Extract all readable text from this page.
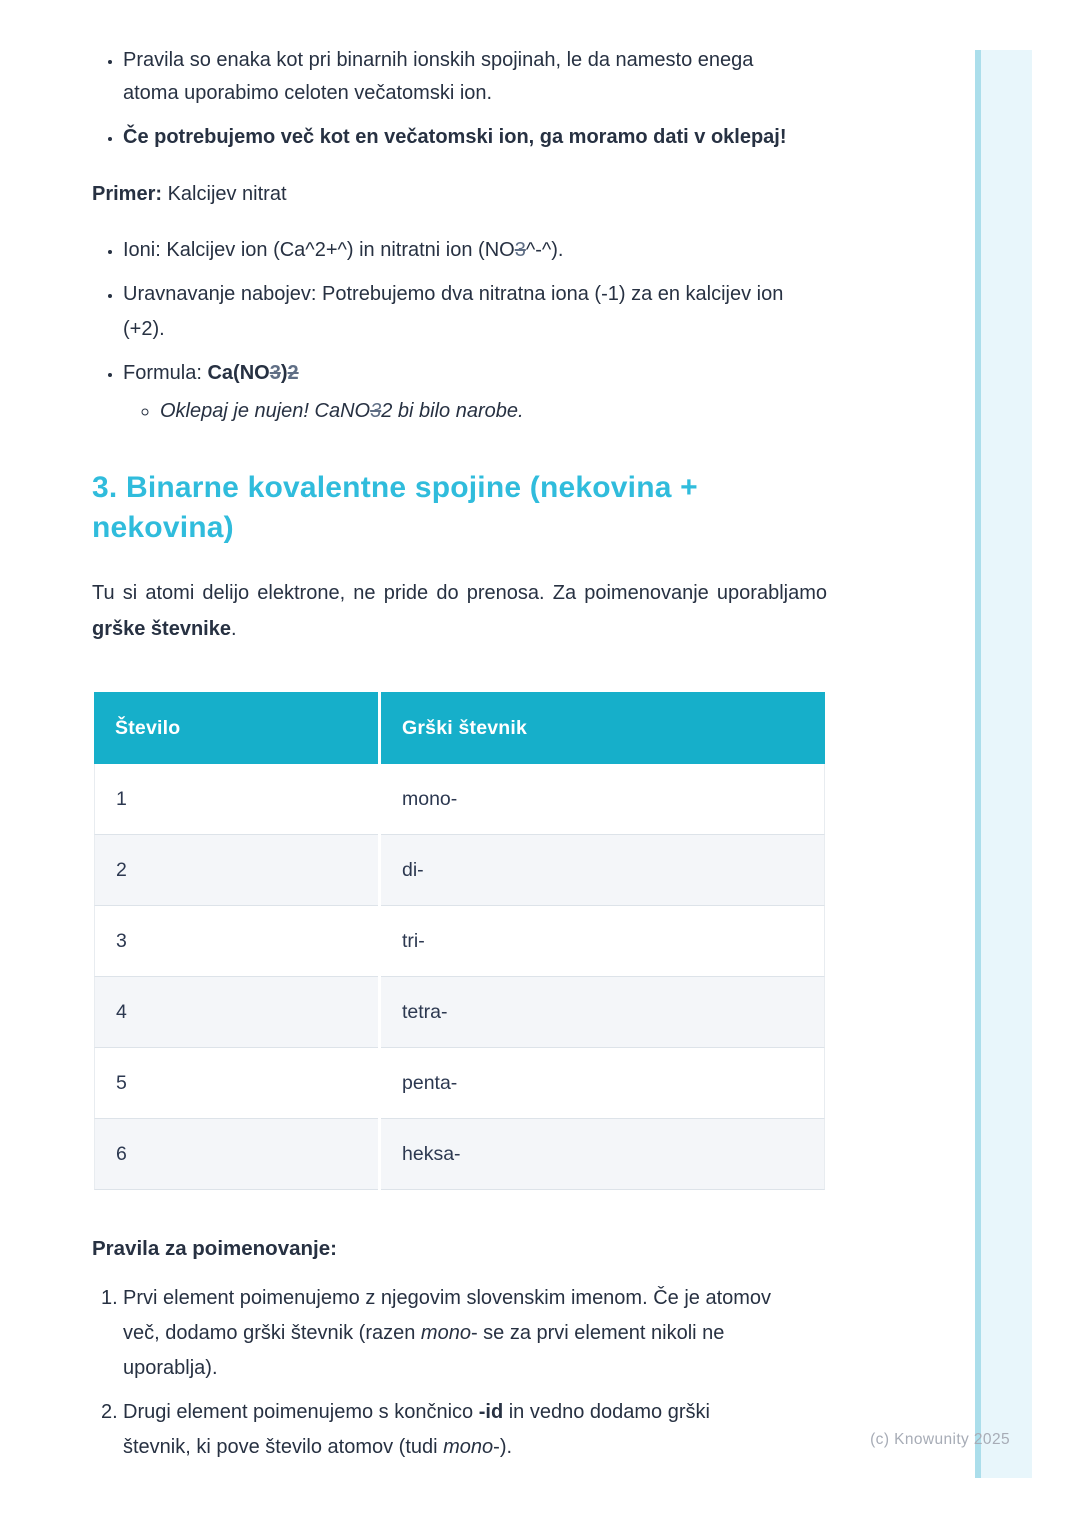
• Pravila so enaka kot pri binarnih ionskih spojinah, le da namesto enega atoma uporabimo celoten večatomski ion.
• Če potrebujemo več kot en večatomski ion, ga moramo dati v oklepaj!

Primer: Kalcijev nitrat

• Ioni: Kalcijev ion (Ca^2+^) in nitratni ion (NO3^-^).
• Uravnavanje nabojev: Potrebujemo dva nitratna iona (-1) za en kalcijev ion (+2).
• Formula: Ca(NO3)2
◦ Oklepaj je nujen! CaNO32 bi bilo narobe.
3. Binarne kovalentne spojine (nekovina + nekovina)

Tu si atomi delijo elektrone, ne pride do prenosa. Za poimenovanje uporabljamo grške števnike.

Število	Grški števnik
1	mono-
2	di-
3	tri-
4	tetra-
5	penta-
6	heksa-
Pravila za poimenovanje:
1. Prvi element poimenujemo z njegovim slovenskim imenom. Če je atomov več, dodamo grški števnik (razen mono- se za prvi element nikoli ne uporablja).
2. Drugi element poimenujemo s končnico -id in vedno dodamo grški števnik, ki pove število atomov (tudi mono-).	(c) Knowunity 2025
